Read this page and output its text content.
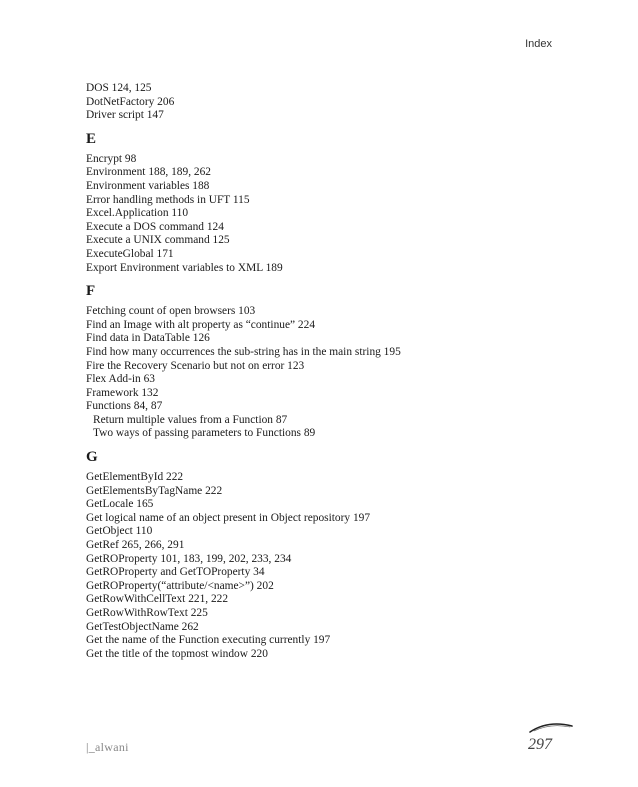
Index
DOS 124, 125
DotNetFactory 206
Driver script 147
E
Encrypt 98
Environment 188, 189, 262
Environment variables 188
Error handling methods in UFT 115
Excel.Application 110
Execute a DOS command 124
Execute a UNIX command 125
ExecuteGlobal 171
Export Environment variables to XML 189
F
Fetching count of open browsers 103
Find an Image with alt property as “continue” 224
Find data in DataTable 126
Find how many occurrences the sub-string has in the main string 195
Fire the Recovery Scenario but not on error 123
Flex Add-in 63
Framework 132
Functions 84, 87
Return multiple values from a Function 87
Two ways of passing parameters to Functions 89
G
GetElementById 222
GetElementsByTagName 222
GetLocale 165
Get logical name of an object present in Object repository 197
GetObject 110
GetRef 265, 266, 291
GetROProperty 101, 183, 199, 202, 233, 234
GetROProperty and GetTOProperty 34
GetROProperty(“attribute/<name>”) 202
GetRowWithCellText 221, 222
GetRowWithRowText 225
GetTestObjectName 262
Get the name of the Function executing currently 197
Get the title of the topmost window 220
|_alwani	297
